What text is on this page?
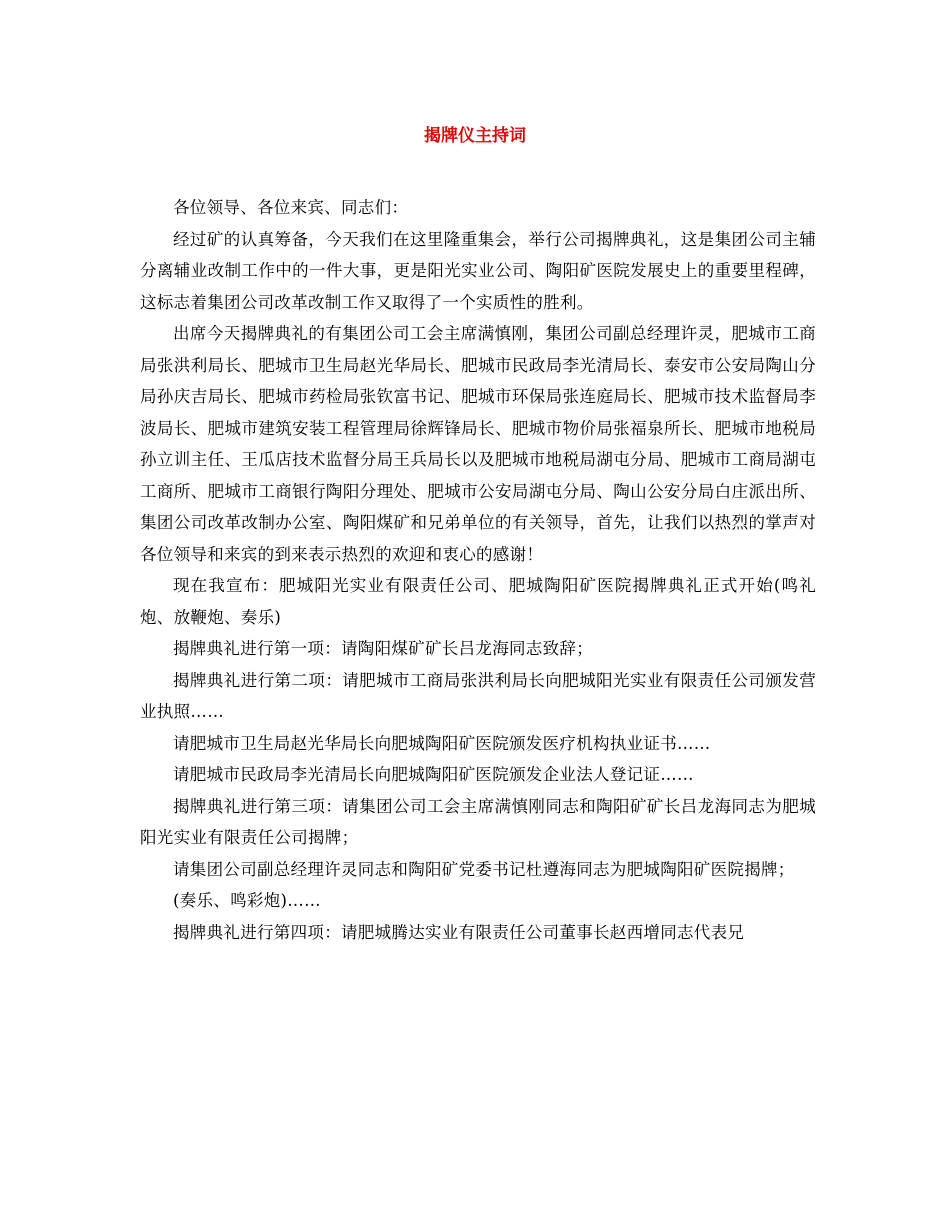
揭牌仪主持词

各位领导、各位来宾、同志们：

经过矿的认真筹备，今天我们在这里隆重集会，举行公司揭牌典礼，这是集团公司主辅分离辅业改制工作中的一件大事，更是阳光实业公司、陶阳矿医院发展史上的重要里程碑，这标志着集团公司改革改制工作又取得了一个实质性的胜利。

出席今天揭牌典礼的有集团公司工会主席满慎刚，集团公司副总经理许灵，肥城市工商局张洪利局长、肥城市卫生局赵光华局长、肥城市民政局李光清局长、泰安市公安局陶山分局孙庆吉局长、肥城市药检局张钦富书记、肥城市环保局张连庭局长、肥城市技术监督局李波局长、肥城市建筑安装工程管理局徐辉锋局长、肥城市物价局张福泉所长、肥城市地税局孙立训主任、王瓜店技术监督分局王兵局长以及肥城市地税局湖屯分局、肥城市工商局湖屯工商所、肥城市工商银行陶阳分理处、肥城市公安局湖屯分局、陶山公安分局白庄派出所、集团公司改革改制办公室、陶阳煤矿和兄弟单位的有关领导，首先，让我们以热烈的掌声对各位领导和来宾的到来表示热烈的欢迎和衷心的感谢！

现在我宣布：肥城阳光实业有限责任公司、肥城陶阳矿医院揭牌典礼正式开始(鸣礼炮、放鞭炮、奏乐)

揭牌典礼进行第一项：请陶阳煤矿矿长吕龙海同志致辞；

揭牌典礼进行第二项：请肥城市工商局张洪利局长向肥城阳光实业有限责任公司颁发营业执照……

请肥城市卫生局赵光华局长向肥城陶阳矿医院颁发医疗机构执业证书……

请肥城市民政局李光清局长向肥城陶阳矿医院颁发企业法人登记证……

揭牌典礼进行第三项：请集团公司工会主席满慎刚同志和陶阳矿矿长吕龙海同志为肥城阳光实业有限责任公司揭牌；

请集团公司副总经理许灵同志和陶阳矿党委书记杜遵海同志为肥城陶阳矿医院揭牌；

(奏乐、鸣彩炮)……

揭牌典礼进行第四项：请肥城腾达实业有限责任公司董事长赵西增同志代表兄
